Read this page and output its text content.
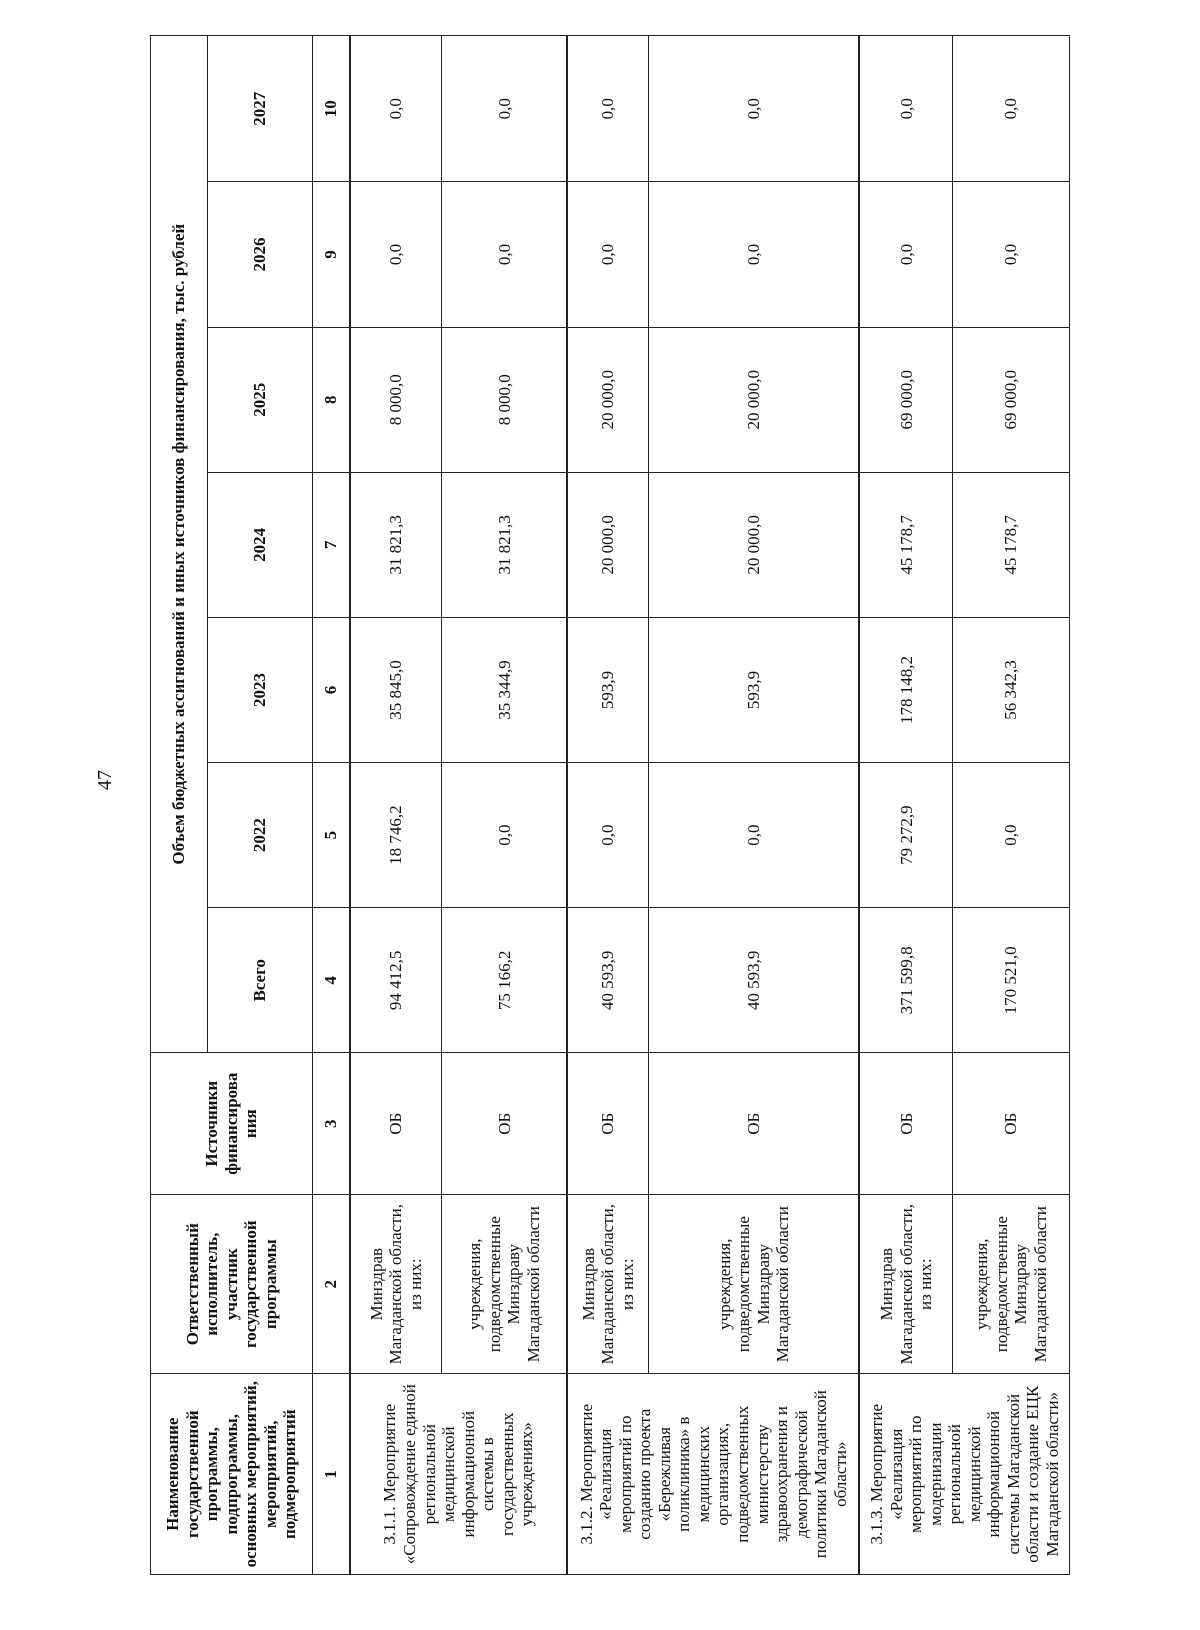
47
Наименование государственной программы, подпрограммы, основных мероприятий, мероприятий, подмероприятий	Ответственный исполнитель, участник государственной программы	Источники финансирова ния	Объем бюджетных ассигнований и иных источников финансирования, тыс. рублей						
			Всего	2022	2023	2024	2025	2026	2027
1	2	3	4	5	6	7	8	9	10
3.1.1. Мероприятие «Сопровождение единой региональной медицинской информационной системы в государственных учреждениях»	Минздрав Магаданской области, из них:	ОБ	94 412,5	18 746,2	35 845,0	31 821,3	8 000,0	0,0	0,0
	учреждения, подведомственные Минздраву Магаданской области	ОБ	75 166,2	0,0	35 344,9	31 821,3	8 000,0	0,0	0,0
3.1.2. Мероприятие «Реализация мероприятий по созданию проекта «Бережливая поликлиника» в медицинских организациях, подведомственных министерству здравоохранения и демографической политики Магаданской области»	Минздрав Магаданской области, из них:	ОБ	40 593,9	0,0	593,9	20 000,0	20 000,0	0,0	0,0
	учреждения, подведомственные Минздраву Магаданской области	ОБ	40 593,9	0,0	593,9	20 000,0	20 000,0	0,0	0,0
3.1.3. Мероприятие «Реализация мероприятий по модернизации региональной медицинской информационной системы Магаданской области и создание ЕЦК Магаданской области»	Минздрав Магаданской области, из них:	ОБ	371 599,8	79 272,9	178 148,2	45 178,7	69 000,0	0,0	0,0
	учреждения, подведомственные Минздраву Магаданской области	ОБ	170 521,0	0,0	56 342,3	45 178,7	69 000,0	0,0	0,0
